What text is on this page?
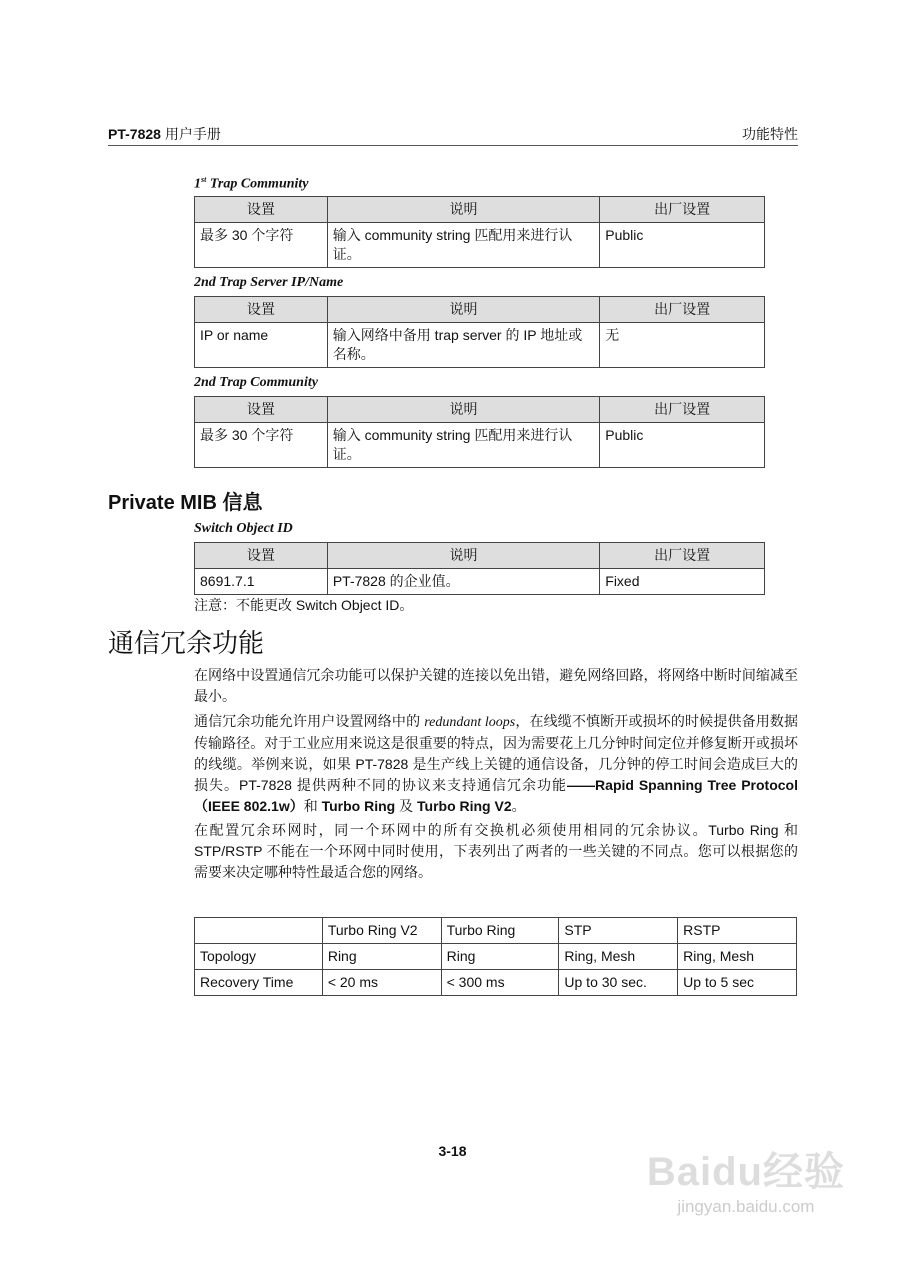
PT-7828 用户手册	功能特性
1st Trap Community
设置	说明	出厂设置
最多 30 个字符	输入 community string 匹配用来进行认证。	Public
2nd Trap Server IP/Name
设置	说明	出厂设置
IP or name	输入网络中备用 trap server 的 IP 地址或名称。	无
2nd Trap Community
设置	说明	出厂设置
最多 30 个字符	输入 community string 匹配用来进行认证。	Public
Private MIB 信息
Switch Object ID
设置	说明	出厂设置
8691.7.1	PT-7828 的企业值。	Fixed
注意：不能更改 Switch Object ID。
通信冗余功能
在网络中设置通信冗余功能可以保护关键的连接以免出错，避免网络回路，将网络中断时间缩减至最小。
通信冗余功能允许用户设置网络中的 redundant loops，在线缆不慎断开或损坏的时候提供备用数据传输路径。对于工业应用来说这是很重要的特点，因为需要花上几分钟时间定位并修复断开或损坏的线缆。举例来说，如果 PT-7828 是生产线上关键的通信设备，几分钟的停工时间会造成巨大的损失。PT-7828 提供两种不同的协议来支持通信冗余功能——Rapid Spanning Tree Protocol（IEEE 802.1w）和 Turbo Ring 及 Turbo Ring V2。
在配置冗余环网时，同一个环网中的所有交换机必须使用相同的冗余协议。Turbo Ring 和 STP/RSTP 不能在一个环网中同时使用，下表列出了两者的一些关键的不同点。您可以根据您的需要来决定哪种特性最适合您的网络。
	Turbo Ring V2	Turbo Ring	STP	RSTP
Topology	Ring	Ring	Ring, Mesh	Ring, Mesh
Recovery Time	< 20 ms	< 300 ms	Up to 30 sec.	Up to 5 sec
3-18	Baidu经验
jingyan.baidu.com
